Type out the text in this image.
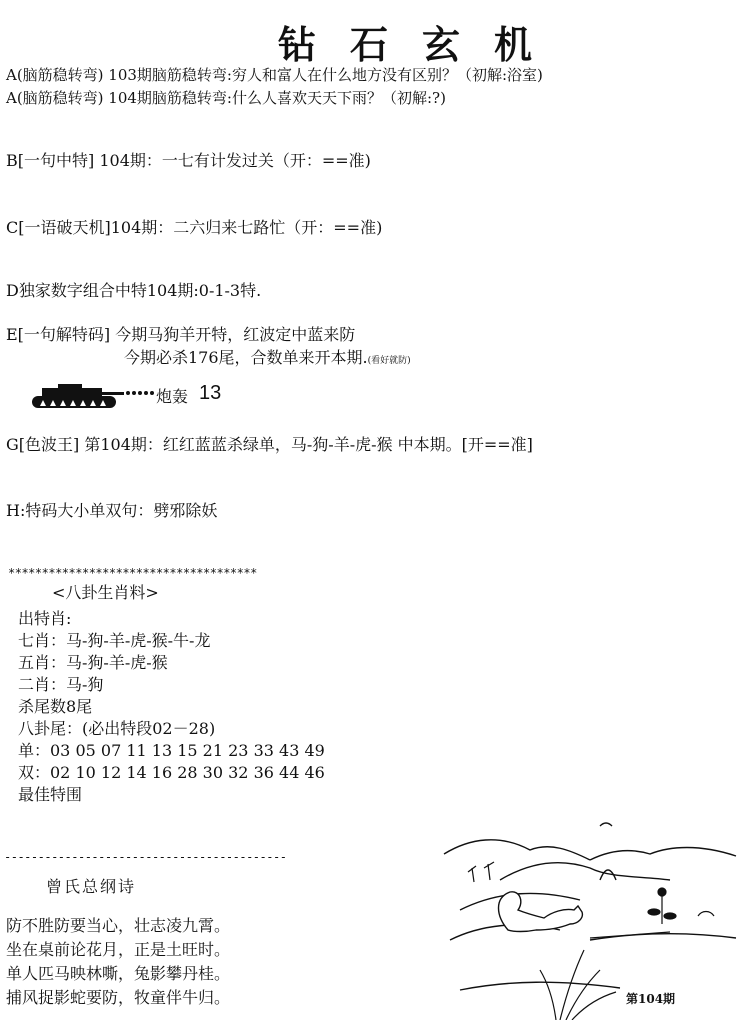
钻石玄机
A(脑筋稳转弯) 103期脑筋稳转弯:穷人和富人在什么地方没有区别？（初解:浴室)
A(脑筋稳转弯) 104期脑筋稳转弯:什么人喜欢天天下雨？（初解:?)
B[一句中特] 104期：一七有计发过关（开：==准)
C[一语破天机]104期：二六归来七路忙（开：==准)
D独家数字组合中特104期:0-1-3特.
E[一句解特码] 今期马狗羊开特，红波定中蓝来防
今期必杀176尾，合数单来开本期.(看好就防)
炮轰 13
G[色波王] 第104期：红红蓝蓝杀绿单，马-狗-羊-虎-猴 中本期。[开==准]
H:特码大小单双句：劈邪除妖
*************************************
<八卦生肖料>
出特肖:
七肖：马-狗-羊-虎-猴-牛-龙
五肖：马-狗-羊-虎-猴
二肖：马-狗
杀尾数8尾
八卦尾：(必出特段02－28)
单：03 05 07 11 13 15 21 23 33 43 49
双：02 10 12 14 16 28 30 32 36 44 46
最佳特围
------------------------------------------
曾氏总纲诗
防不胜防要当心，壮志凌九霄。
坐在桌前论花月，正是土旺时。
单人匹马映林嘶，兔影攀丹桂。
捕风捉影蛇要防，牧童伴牛归。	第104期
